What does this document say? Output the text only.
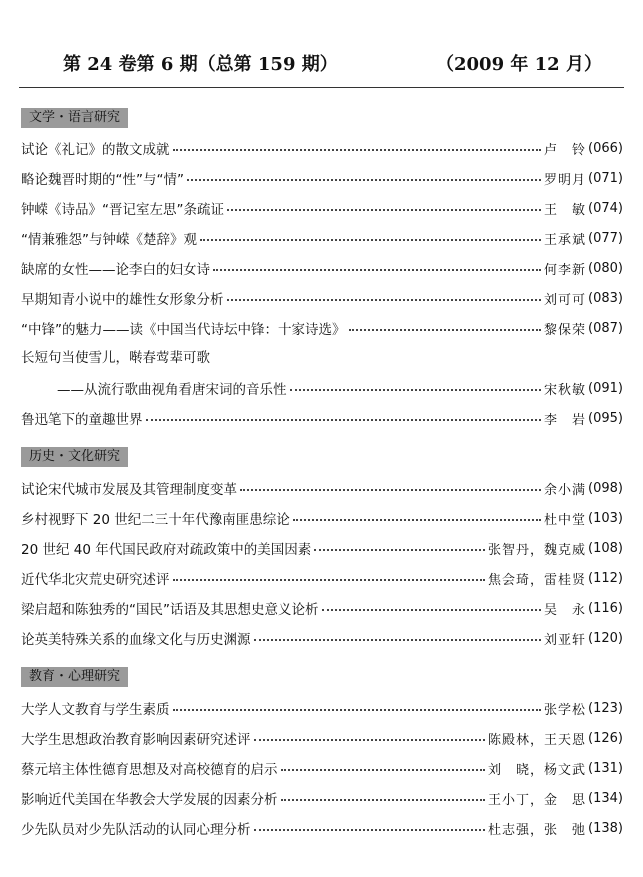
第 24 卷第 6 期（总第 159 期）	（2009 年 12 月）
文学・语言研究
试论《礼记》的散文成就	卢　铃 (066)
略论魏晋时期的“性”与“情”	罗明月 (071)
钟嵘《诗品》“晋记室左思”条疏证	王　敏 (074)
“情兼雅怨”与钟嵘《楚辞》观	王承斌 (077)
缺席的女性——论李白的妇女诗	何李新 (080)
早期知青小说中的雄性女形象分析	刘可可 (083)
“中锋”的魅力——读《中国当代诗坛中锋：十家诗选》	黎保荣 (087)
长短句当使雪儿，啭春莺辈可歌
——从流行歌曲视角看唐宋词的音乐性	宋秋敏 (091)
鲁迅笔下的童趣世界	李　岩 (095)
历史・文化研究
试论宋代城市发展及其管理制度变革	余小满 (098)
乡村视野下 20 世纪二三十年代豫南匪患综论	杜中堂 (103)
20 世纪 40 年代国民政府对疏政策中的美国因素	张智丹，魏克威 (108)
近代华北灾荒史研究述评	焦会琦，雷桂贤 (112)
梁启超和陈独秀的“国民”话语及其思想史意义论析	吴　永 (116)
论英美特殊关系的血缘文化与历史渊源	刘亚轩 (120)
教育・心理研究
大学人文教育与学生素质	张学松 (123)
大学生思想政治教育影响因素研究述评	陈殿林，王天恩 (126)
蔡元培主体性德育思想及对高校德育的启示	刘　晓，杨文武 (131)
影响近代美国在华教会大学发展的因素分析	王小丁，金　思 (134)
少先队员对少先队活动的认同心理分析	杜志强，张　弛 (138)
